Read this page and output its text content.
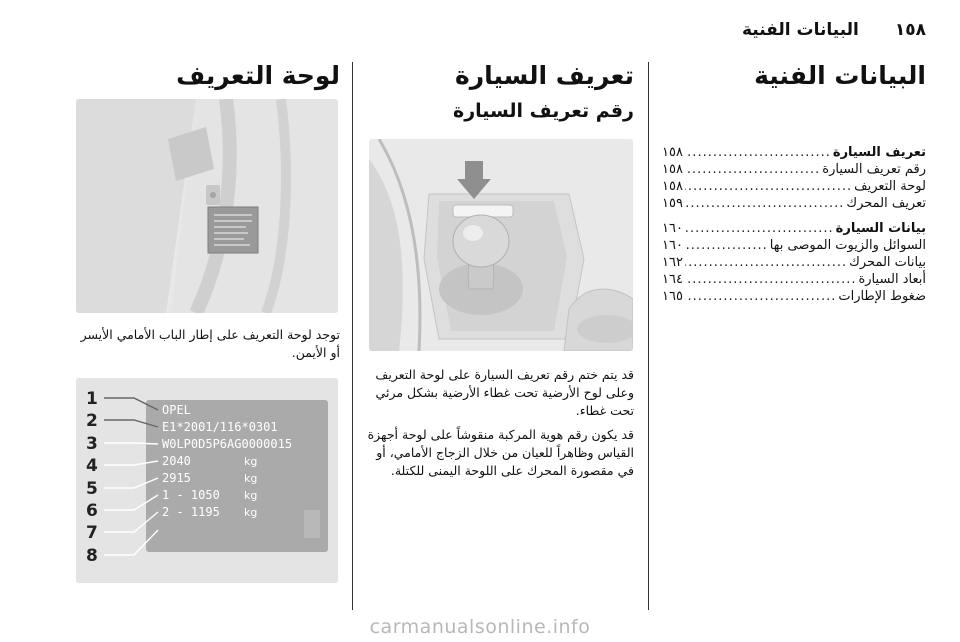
١٥٨
البيانات الفنية
البيانات الفنية
تعريف السيارة
.....
١٥٨
رقم تعريف السيارة
.....
١٥٨
لوحة التعريف
.....
١٥٨
تعريف المحرك
.....
١٥٩
بيانات السيارة
.....
١٦٠
السوائل والزيوت الموصى بها
.....
١٦٠
بيانات المحرك
.....
١٦٢
أبعاد السيارة
.....
١٦٤
ضغوط الإطارات
.....
١٦٥
تعريف السيارة
رقم تعريف السيارة

قد يتم ختم رقم تعريف السيارة على لوحة التعريف وعلى لوح الأرضية تحت غطاء الأرضية بشكل مرئي تحت غطاء.

قد يكون رقم هوية المركبة منقوشاً على لوحة أجهزة القياس وظاهراً للعيان من خلال الزجاج الأمامي، أو في مقصورة المحرك على اللوحة اليمنى للكتلة.

لوحة التعريف

توجد لوحة التعريف على إطار الباب الأمامي الأيسر أو الأيمن.

OPEL
E1*2001/116*0301
W0LP0D5P6AG0000015
2040
2915
1 - 1050
2 - 1195
kg
kg
kg
kg
1
2
3
4
5
6
7
8
carmanualsonline.info
